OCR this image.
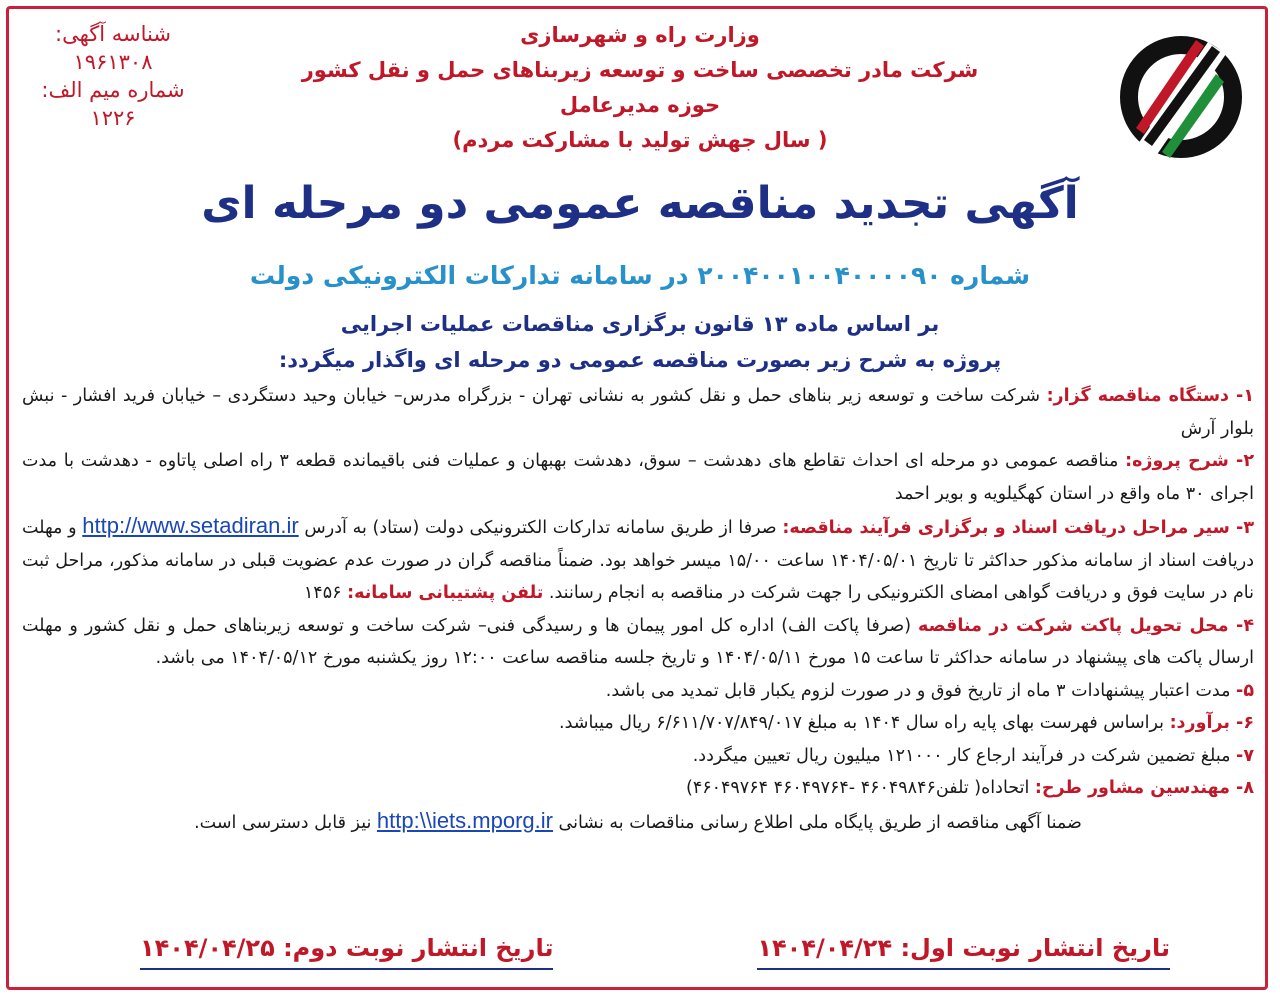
شناسه آگهی:
۱۹۶۱۳۰۸
شماره میم الف:
۱۲۲۶
وزارت راه و شهرسازی
شرکت مادر تخصصی ساخت و توسعه زیربناهای حمل و نقل کشور
حوزه مدیرعامل
( سال جهش تولید با مشارکت مردم)
آگهی تجدید مناقصه عمومی دو مرحله ای
شماره ۲۰۰۴۰۰۱۰۰۴۰۰۰۰۹۰ در سامانه تدارکات الکترونیکی دولت
بر اساس ماده ۱۳ قانون برگزاری مناقصات عملیات اجرایی
پروژه به شرح زیر بصورت مناقصه عمومی دو مرحله ای واگذار میگردد:

۱- دستگاه مناقصه گزار: شرکت ساخت و توسعه زیر بناهای حمل و نقل کشور به نشانی تهران - بزرگراه مدرس– خیابان وحید دستگردی – خیابان فرید افشار - نبش بلوار آرش

۲- شرح پروژه: مناقصه عمومی دو مرحله ای احداث تقاطع های دهدشت – سوق، دهدشت بهبهان و عملیات فنی باقیمانده قطعه ۳ راه اصلی پاتاوه - دهدشت با مدت اجرای ۳۰ ماه واقع در استان کهگیلویه و بویر احمد

۳- سیر مراحل دریافت اسناد و برگزاری فرآیند مناقصه: صرفا از طریق سامانه تدارکات الکترونیکی دولت (ستاد) به آدرس http://www.setadiran.ir و مهلت دریافت اسناد از سامانه مذکور حداکثر تا تاریخ ۱۴۰۴/۰۵/۰۱ ساعت ۱۵/۰۰ میسر خواهد بود. ضمناً مناقصه گران در صورت عدم عضویت قبلی در سامانه مذکور، مراحل ثبت نام در سایت فوق و دریافت گواهی امضای الکترونیکی را جهت شرکت در مناقصه به انجام رسانند. تلفن پشتیبانی سامانه: ۱۴۵۶

۴- محل تحویل پاکت شرکت در مناقصه (صرفا پاکت الف) اداره کل امور پیمان ها و رسیدگی فنی– شرکت ساخت و توسعه زیربناهای حمل و نقل کشور و مهلت ارسال پاکت های پیشنهاد در سامانه حداکثر تا ساعت ۱۵ مورخ ۱۴۰۴/۰۵/۱۱ و تاریخ جلسه مناقصه ساعت ۱۲:۰۰ روز یکشنبه مورخ ۱۴۰۴/۰۵/۱۲ می باشد.

۵- مدت اعتبار پیشنهادات ۳ ماه از تاریخ فوق و در صورت لزوم یکبار قابل تمدید می باشد.

۶- برآورد: براساس فهرست بهای پایه راه سال ۱۴۰۴ به مبلغ ۶/۶۱۱/۷۰۷/۸۴۹/۰۱۷ ریال میباشد.

۷- مبلغ تضمین شرکت در فرآیند ارجاع کار ۱۲۱۰۰۰ میلیون ریال تعیین میگردد.

۸- مهندسین مشاور طرح: اتحاداه( تلفن۴۶۰۴۹۸۴۶ -۴۶۰۴۹۷۶۴ ۴۶۰۴۹۷۶۴)

ضمنا آگهی مناقصه از طریق پایگاه ملی اطلاع رسانی مناقصات به نشانی http:\\iets.mporg.ir نیز قابل دسترسی است.

تاریخ انتشار نوبت اول: ۱۴۰۴/۰۴/۲۴
تاریخ انتشار نوبت دوم: ۱۴۰۴/۰۴/۲۵
